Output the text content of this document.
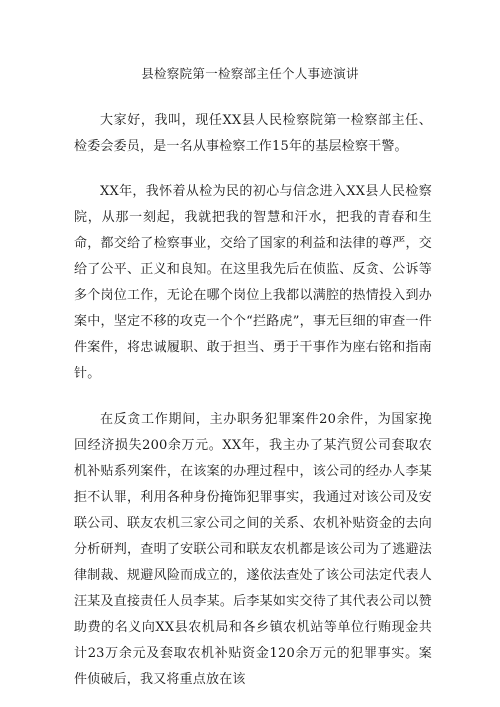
县检察院第一检察部主任个人事迹演讲

大家好，我叫，现任XX县人民检察院第一检察部主任、检委会委员，是一名从事检察工作15年的基层检察干警。

XX年，我怀着从检为民的初心与信念进入XX县人民检察院，从那一刻起，我就把我的智慧和汗水，把我的青春和生命，都交给了检察事业，交给了国家的利益和法律的尊严，交给了公平、正义和良知。在这里我先后在侦监、反贪、公诉等多个岗位工作，无论在哪个岗位上我都以满腔的热情投入到办案中，坚定不移的攻克一个个“拦路虎”，事无巨细的审查一件件案件，将忠诚履职、敢于担当、勇于干事作为座右铭和指南针。

在反贪工作期间，主办职务犯罪案件20余件，为国家挽回经济损失200余万元。XX年，我主办了某汽贸公司套取农机补贴系列案件，在该案的办理过程中，该公司的经办人李某拒不认罪，利用各种身份掩饰犯罪事实，我通过对该公司及安联公司、联友农机三家公司之间的关系、农机补贴资金的去向分析研判，查明了安联公司和联友农机都是该公司为了逃避法律制裁、规避风险而成立的，遂依法查处了该公司法定代表人汪某及直接责任人员李某。后李某如实交待了其代表公司以赞助费的名义向XX县农机局和各乡镇农机站等单位行贿现金共计23万余元及套取农机补贴资金120余万元的犯罪事实。案件侦破后，我又将重点放在该
